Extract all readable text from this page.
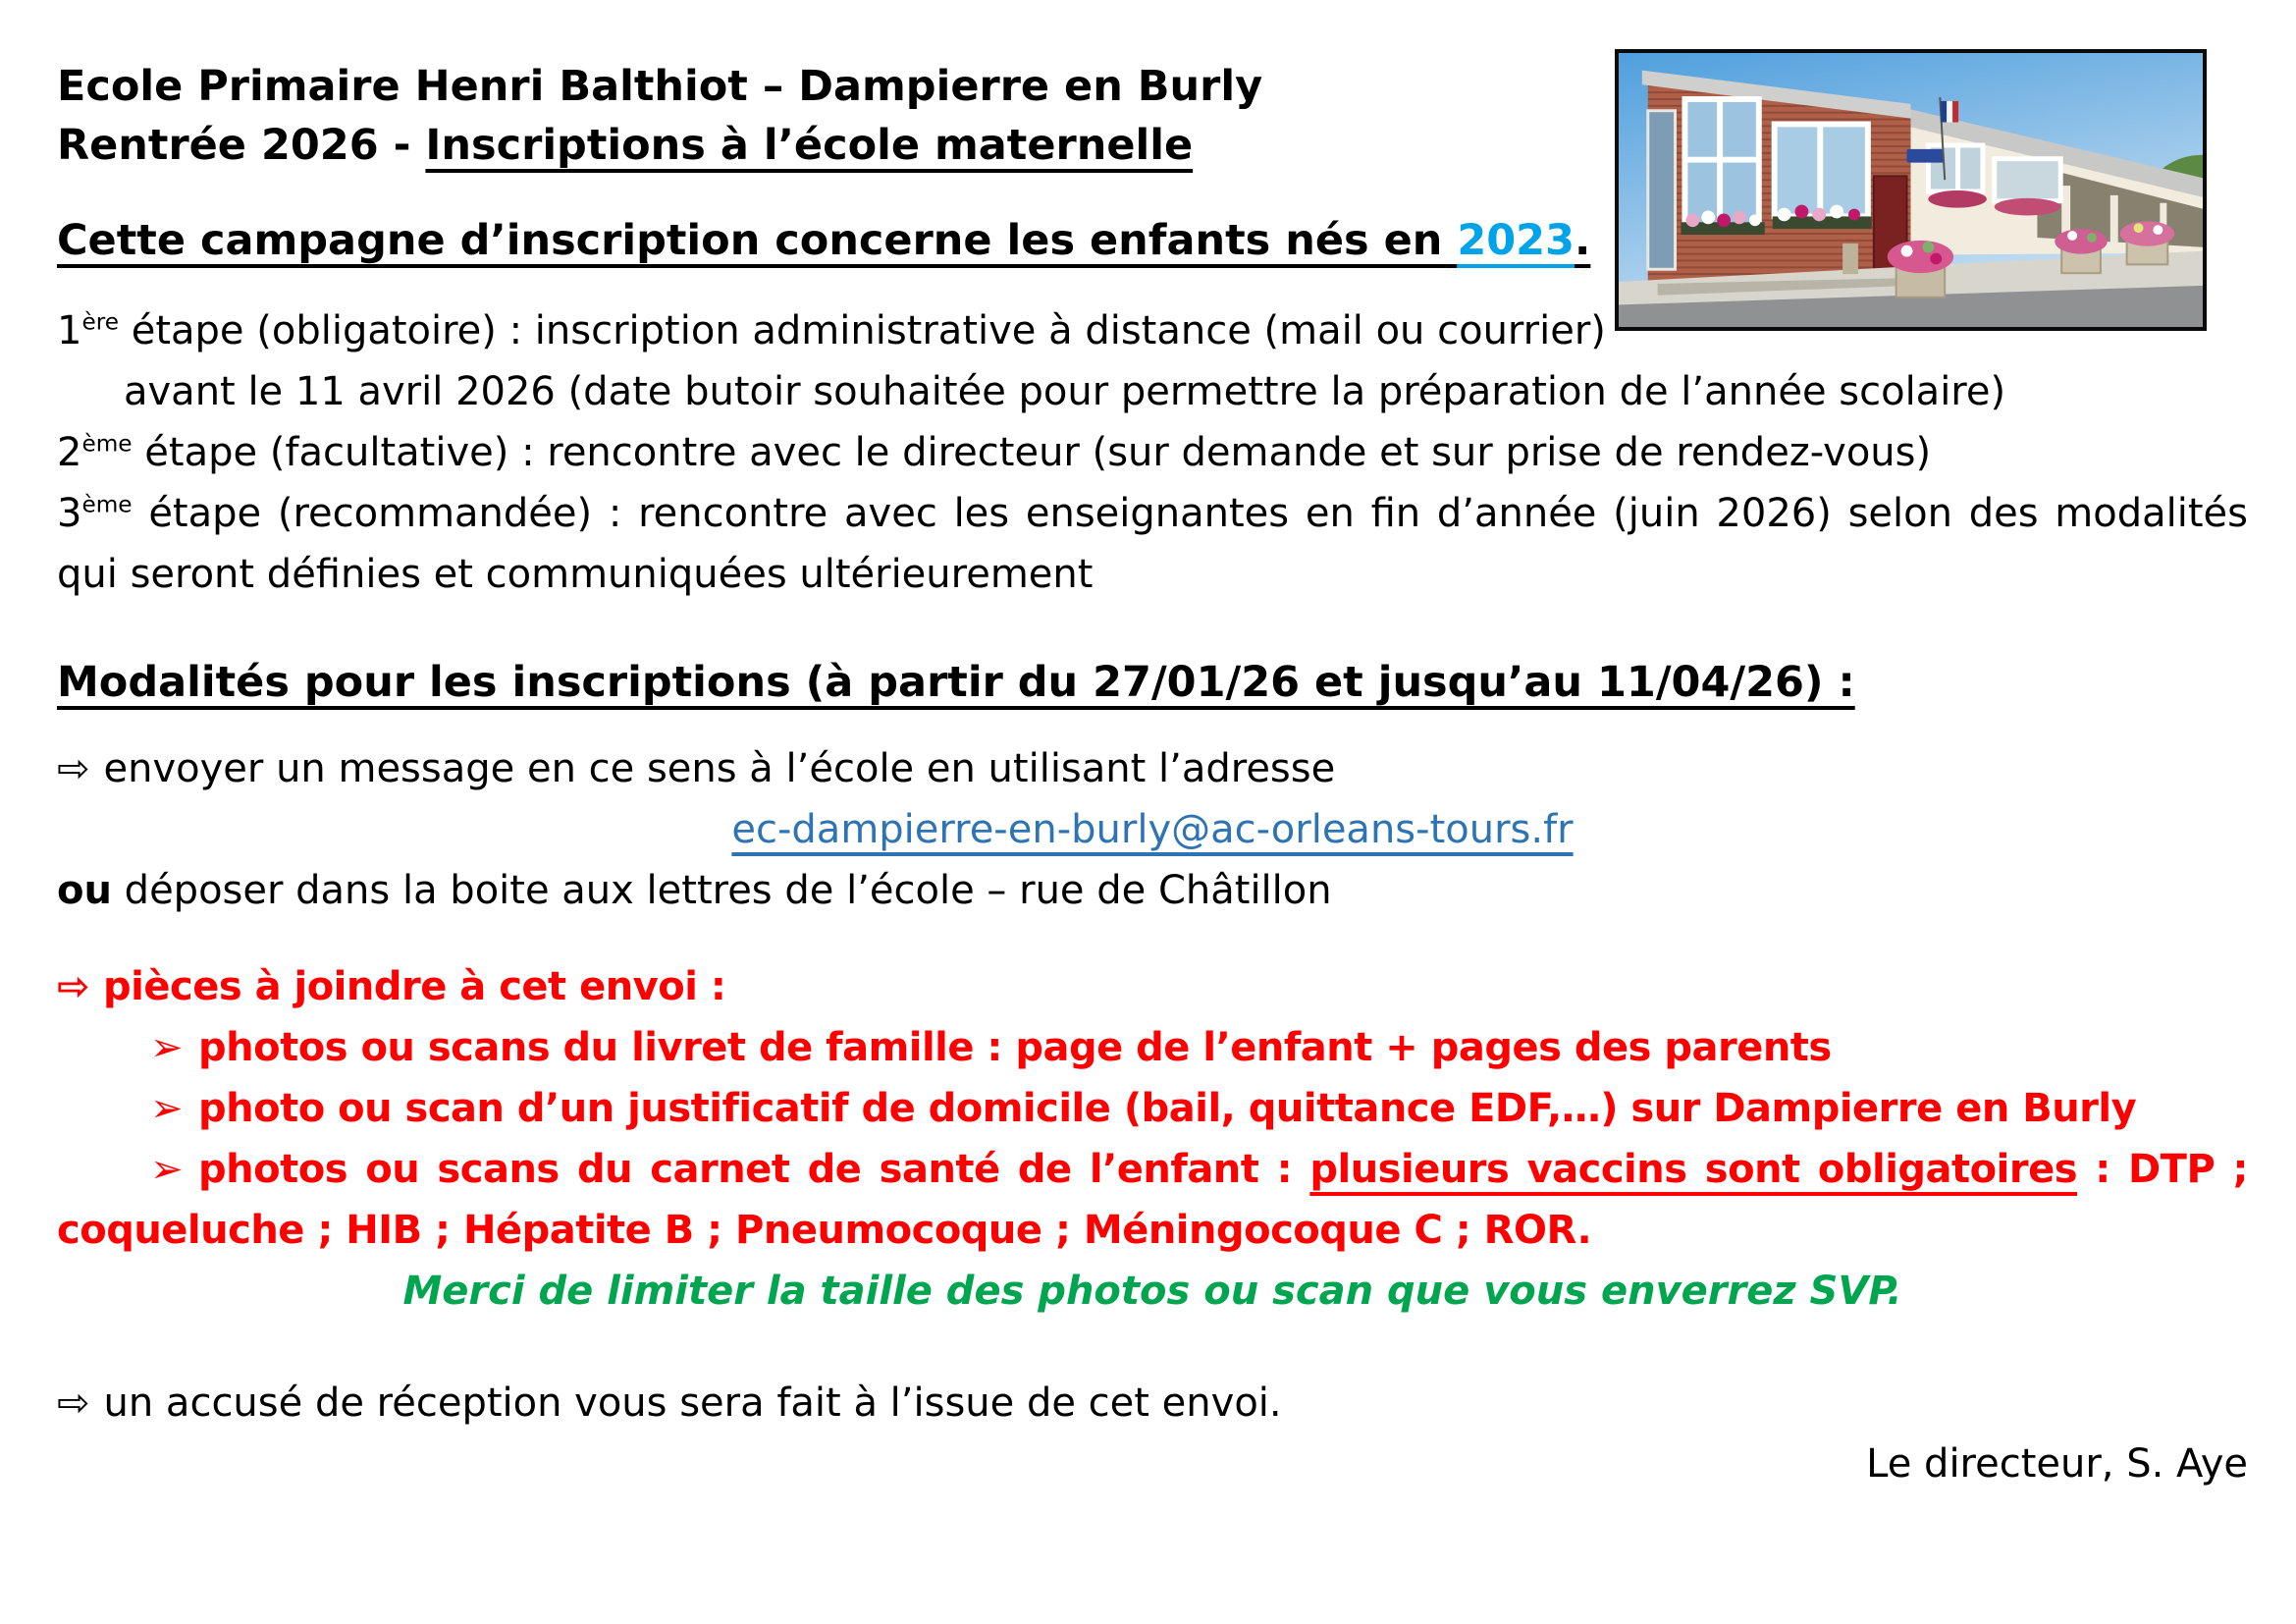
Ecole Primaire Henri Balthiot – Dampierre en Burly
Rentrée 2026 - Inscriptions à l’école maternelle
Cette campagne d’inscription concerne les enfants nés en 2023.
1ère étape (obligatoire) : inscription administrative à distance (mail ou courrier)
avant le 11 avril 2026 (date butoir souhaitée pour permettre la préparation de l’année scolaire)
2ème étape (facultative) : rencontre avec le directeur (sur demande et sur prise de rendez-vous)
3ème étape (recommandée) : rencontre avec les enseignantes en fin d’année (juin 2026) selon des modalités qui seront définies et communiquées ultérieurement
Modalités pour les inscriptions (à partir du 27/01/26 et jusqu’au 11/04/26) :
⇨ envoyer un message en ce sens à l’école en utilisant l’adresse
ec-dampierre-en-burly@ac-orleans-tours.fr
ou déposer dans la boite aux lettres de l’école – rue de Châtillon
⇨ pièces à joindre à cet envoi :
➢ photos ou scans du livret de famille : page de l’enfant + pages des parents
➢ photo ou scan d’un justificatif de domicile (bail, quittance EDF,…) sur Dampierre en Burly
➢ photos ou scans du carnet de santé de l’enfant : plusieurs vaccins sont obligatoires : DTP ; coqueluche ; HIB ; Hépatite B ; Pneumocoque ; Méningocoque C ; ROR.
Merci de limiter la taille des photos ou scan que vous enverrez SVP.
⇨ un accusé de réception vous sera fait à l’issue de cet envoi.
Le directeur, S. Aye
